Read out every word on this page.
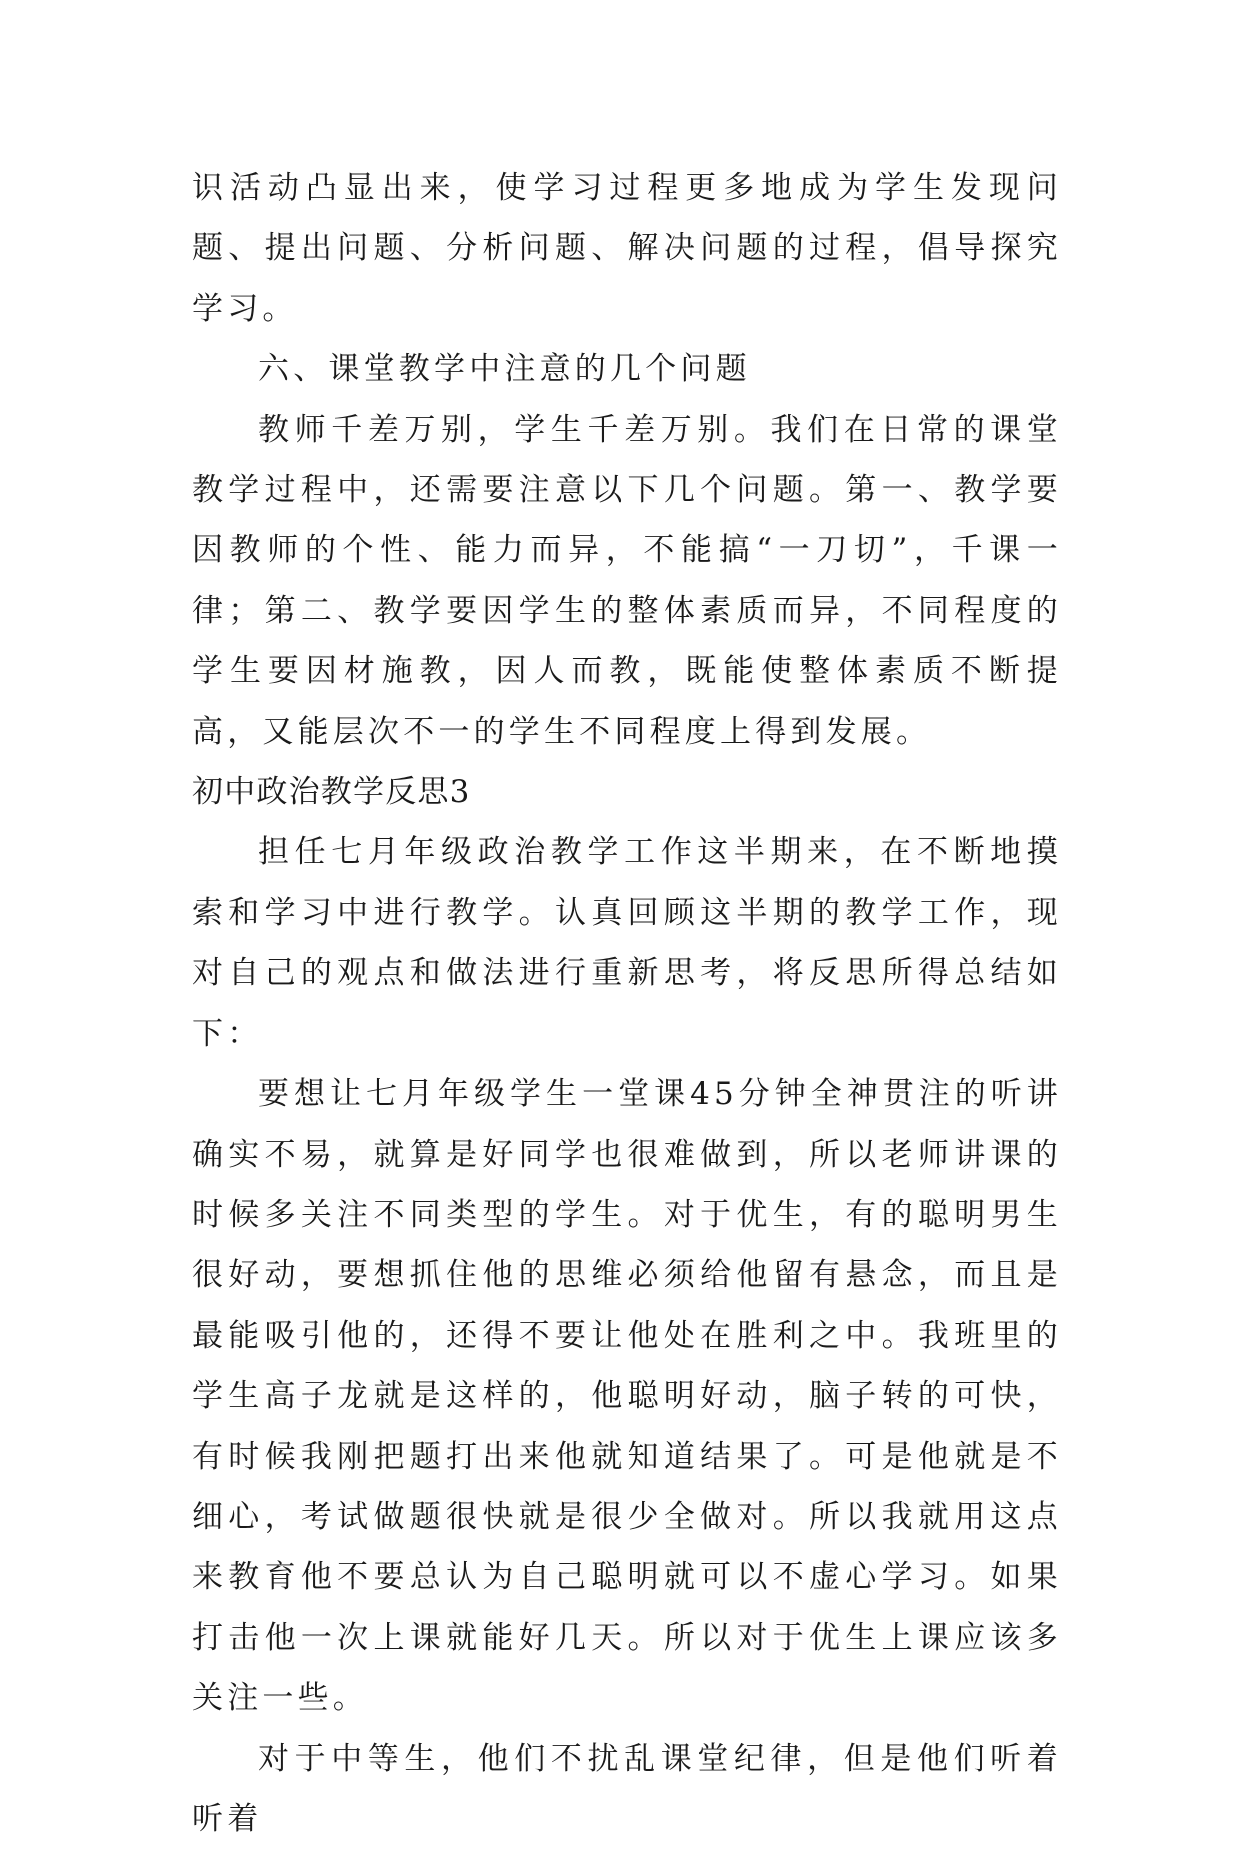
识活动凸显出来，使学习过程更多地成为学生发现问题、提出问题、分析问题、解决问题的过程，倡导探究学习。

六、课堂教学中注意的几个问题

教师千差万别，学生千差万别。我们在日常的课堂教学过程中，还需要注意以下几个问题。第一、教学要因教师的个性、能力而异，不能搞“一刀切”，千课一律；第二、教学要因学生的整体素质而异，不同程度的学生要因材施教，因人而教，既能使整体素质不断提高，又能层次不一的学生不同程度上得到发展。

初中政治教学反思3

担任七月年级政治教学工作这半期来，在不断地摸索和学习中进行教学。认真回顾这半期的教学工作，现对自己的观点和做法进行重新思考，将反思所得总结如下：

要想让七月年级学生一堂课45分钟全神贯注的听讲确实不易，就算是好同学也很难做到，所以老师讲课的时候多关注不同类型的学生。对于优生，有的聪明男生很好动，要想抓住他的思维必须给他留有悬念，而且是最能吸引他的，还得不要让他处在胜利之中。我班里的学生高子龙就是这样的，他聪明好动，脑子转的可快，有时候我刚把题打出来他就知道结果了。可是他就是不细心，考试做题很快就是很少全做对。所以我就用这点来教育他不要总认为自己聪明就可以不虚心学习。如果打击他一次上课就能好几天。所以对于优生上课应该多关注一些。

对于中等生，他们不扰乱课堂纪律，但是他们听着听着
